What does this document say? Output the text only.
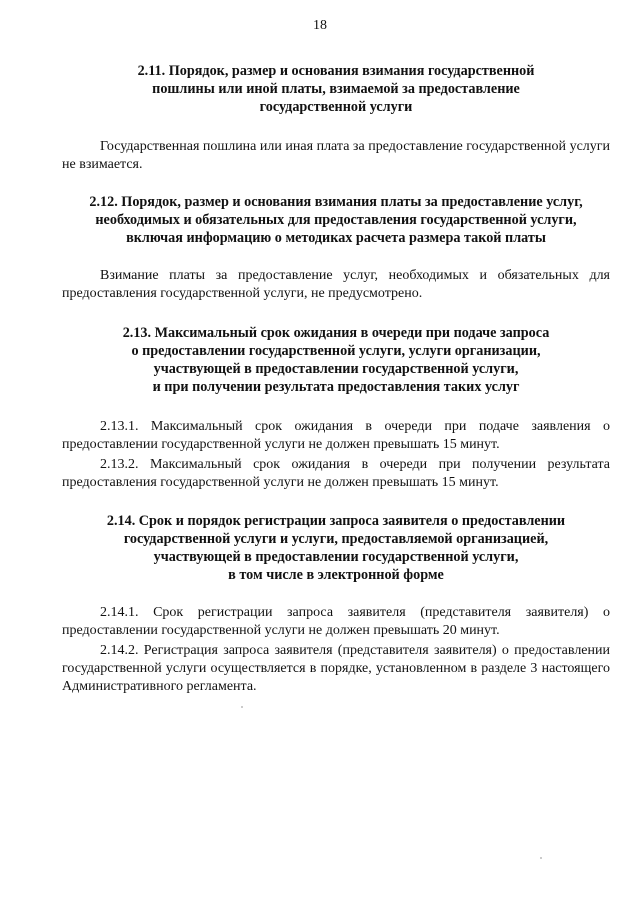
18
2.11. Порядок, размер и основания взимания государственной
пошлины или иной платы, взимаемой за предоставление
государственной услуги

Государственная пошлина или иная плата за предоставление государственной услуги не взимается.

2.12. Порядок, размер и основания взимания платы за предоставление услуг,
необходимых и обязательных для предоставления государственной услуги,
включая информацию о методиках расчета размера такой платы

Взимание платы за предоставление услуг, необходимых и обязательных для предоставления государственной услуги, не предусмотрено.

2.13. Максимальный срок ожидания в очереди при подаче запроса
о предоставлении государственной услуги, услуги организации,
участвующей в предоставлении государственной услуги,
и при получении результата предоставления таких услуг

2.13.1. Максимальный срок ожидания в очереди при подаче заявления о предоставлении государственной услуги не должен превышать 15 минут.

2.13.2. Максимальный срок ожидания в очереди при получении результата предоставления государственной услуги не должен превышать 15 минут.

2.14. Срок и порядок регистрации запроса заявителя о предоставлении
государственной услуги и услуги, предоставляемой организацией,
участвующей в предоставлении государственной услуги,
в том числе в электронной форме

2.14.1. Срок регистрации запроса заявителя (представителя заявителя) о предоставлении государственной услуги не должен превышать 20 минут.

2.14.2. Регистрация запроса заявителя (представителя заявителя) о предоставлении государственной услуги осуществляется в порядке, установленном в разделе 3 настоящего Административного регламента.
